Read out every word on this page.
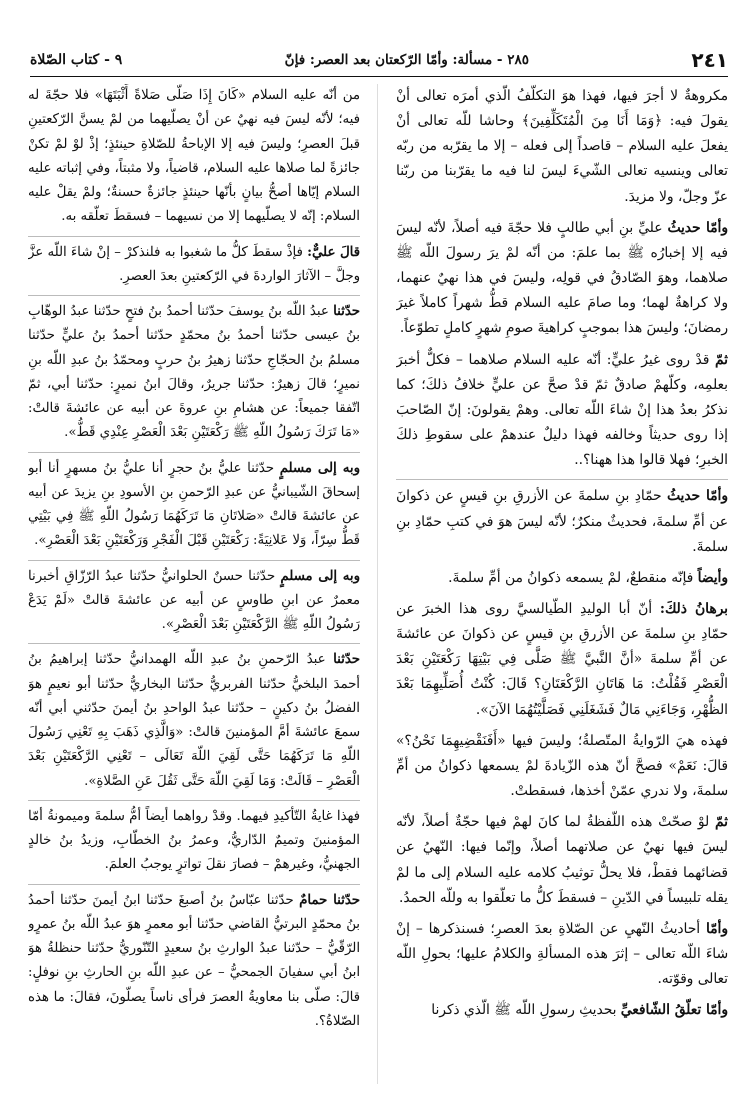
٢٤١
٢٨٥ - مسألة: وأمّا الرّكعتان بعد العصر: فإنّ
٩ - كتاب الصّلاة

مكروهةٌ لا أجرَ فيها، فهذا هوَ التكلّفُ الّذي أمرَه تعالى أنْ يقولَ فيه: ﴿وَمَا أَنَا مِنَ الْمُتَكَلِّفِينَ﴾ وحاشا للّه تعالى أنْ يفعلَ عليه السلام – قاصداً إلى فعله – إلا ما يقرّبه من ربّه تعالى وينسيه تعالى الشّيءَ ليسَ لنا فيه ما يقرّبنا من ربّنا عزّ وجلّ، ولا مزيدَ.

وأمّا حديثُ عليِّ بنِ أبي طالبٍ فلا حجّةَ فيه أصلاً، لأنّه ليسَ فيه إلا إخبارُه ﷺ بما علمَ: من أنّه لمْ يرَ رسولَ اللّه ﷺ صلاهما، وهوَ الصّادقُ في قولِه، وليسَ في هذا نهيٌ عنهما، ولا كراهةٌ لهما؛ وما صامَ عليه السلام قطُّ شهراً كاملاً غيرَ رمضانَ؛ وليسَ هذا بموجبٍ كراهيةَ صومِ شهرٍ كاملٍ تطوّعاً.

ثمّ قدْ روى غيرُ عليٍّ: أنّه عليه السلام صلاهما – فكلٌّ أخبرَ بعلمِه، وكلّهمْ صادقٌ ثمّ قدْ صحَّ عن عليٍّ خلافُ ذلكَ؛ كما نذكرُ بعدُ هذا إنْ شاءَ اللّه تعالى. وهمْ يقولونَ: إنّ الصّاحبَ إذا روى حديثاً وخالفه فهذا دليلٌ عندهمْ على سقوطِ ذلكَ الخبرِ؛ فهلا قالوا هذا ههنا؟..

وأمّا حديثُ حمّادِ بنِ سلمةَ عن الأزرقِ بنِ قيسٍ عن ذكوانَ عن أمِّ سلمةَ، فحديثٌ منكرٌ؛ لأنّه ليسَ هوَ في كتبِ حمّادِ بنِ سلمةَ.

وأيضاً فإنّه منقطعٌ، لمْ يسمعه ذكوانُ من أمِّ سلمةَ.

برهانُ ذلكَ: أنّ أبا الوليدِ الطّيالسيَّ روى هذا الخبرَ عن حمّادِ بنِ سلمةَ عن الأزرقِ بنِ قيسٍ عن ذكوانَ عن عائشةَ عن أمِّ سلمةَ «أنَّ النَّبيَّ ﷺ صَلَّى فِي بَيْتِهَا رَكْعَتَيْنِ بَعْدَ الْعَصْرِ فَقُلْتُ: مَا هَاتَانِ الرَّكْعَتَانِ؟ قَالَ: كُنْتُ أُصَلِّيهِمَا بَعْدَ الظُّهْرِ، وَجَاءَنِي مَالٌ فَشَغَلَنِي فَصَلَّيْتُهُمَا الآنَ».

فهذه هيَ الرّوايةُ المتّصلةُ؛ وليسَ فيها «أَفَنَقْضِيهِمَا نَحْنُ؟» قالَ: نَعَمْ» فصحَّ أنّ هذه الزّيادةَ لمْ يسمعها ذكوانُ من أمِّ سلمةَ، ولا ندري عمّنْ أخذها، فسقطتْ.

ثمّ لوْ صحّتْ هذه اللّفظةُ لما كانَ لهمْ فيها حجّةٌ أصلاً، لأنّه ليسَ فيها نهيٌ عن صلاتهما أصلاً، وإنّما فيها: النّهيُ عن قضائهما فقطْ، فلا يحلُّ توثيبُ كلامه عليه السلام إلى ما لمْ يقله تلبيساً في الدّينِ – فسقطَ كلُّ ما تعلّقوا به وللّه الحمدُ.

وأمّا أحاديثُ النّهيِ عن الصّلاةِ بعدَ العصرِ؛ فسنذكرها – إنْ شاءَ اللّه تعالى – إثرَ هذه المسألةِ والكلامُ عليها؛ بحولِ اللّه تعالى وقوّته.

وأمّا تعلّقُ الشّافعيِّ بحديثِ رسولِ اللّه ﷺ الّذي ذكرنا

من أنّه عليه السلام «كَانَ إِذَا صَلَّى صَلاةً أَثْبَتَهَا» فلا حجّةَ له فيه؛ لأنّه ليسَ فيه نهيٌ عن أنْ يصلّيهما من لمْ يسنَّ الرّكعتينِ قبلَ العصرِ؛ وليسَ فيه إلا الإباحةُ للصّلاةِ حينئذٍ؛ إذْ لوْ لمْ تكنْ جائزةً لما صلاها عليه السلام، قاضياً، ولا مثبتاً، وفي إثباته عليه السلام إيّاها أصحُّ بيانٍ بأنّها حينئذٍ جائزةٌ حسنةٌ؛ ولمْ يقلْ عليه السلام: إنّه لا يصلّيهما إلا من نسيهما – فسقطَ تعلّقه به.

قالَ عليٌّ: فإذْ سقطَ كلُّ ما شغبوا به فلنذكرْ – إنْ شاءَ اللّه عزَّ وجلَّ – الآثارَ الواردةَ في الرّكعتينِ بعدَ العصرِ.

حدّثنا عبدُ اللّه بنُ يوسفَ حدّثنا أحمدُ بنُ فتحٍ حدّثنا عبدُ الوهّابِ بنُ عيسى حدّثنا أحمدُ بنُ محمّدٍ حدّثنا أحمدُ بنُ عليٍّ حدّثنا مسلمُ بنُ الحجّاجِ حدّثنا زهيرُ بنُ حربٍ ومحمّدُ بنُ عبدِ اللّه بنِ نميرٍ؛ قالَ زهيرٌ: حدّثنا جريرٌ، وقالَ ابنُ نميرٍ: حدّثنا أبي، ثمّ اتّفقا جميعاً: عن هشامِ بنِ عروةَ عن أبيه عن عائشةَ قالتْ: «مَا تَرَكَ رَسُولُ اللّهِ ﷺ رَكْعَتَيْنِ بَعْدَ الْعَصْرِ عِنْدِي قَطُّ».

وبه إلى مسلمٍ حدّثنا عليُّ بنُ حجرٍ أنا عليُّ بنُ مسهرٍ أنا أبو إسحاقَ الشّيبانيُّ عن عبدِ الرّحمنِ بنِ الأسودِ بنِ يزيدَ عن أبيه عن عائشةَ قالتْ «صَلاتَانِ مَا تَرَكَهُمَا رَسُولُ اللّهِ ﷺ فِي بَيْتِي قَطُّ سِرّاً، وَلا عَلانِيَةً: رَكْعَتَيْنِ قَبْلَ الْفَجْرِ وَرَكْعَتَيْنِ بَعْدَ الْعَصْرِ».

وبه إلى مسلمٍ حدّثنا حسنٌ الحلوانيُّ حدّثنا عبدُ الرّزّاقِ أخبرنا معمرٌ عن ابنِ طاوسٍ عن أبيه عن عائشةَ قالتْ «لَمْ يَدَعْ رَسُولُ اللّهِ ﷺ الرَّكْعَتَيْنِ بَعْدَ الْعَصْرِ».

حدّثنا عبدُ الرّحمنِ بنُ عبدِ اللّه الهمدانيُّ حدّثنا إبراهيمُ بنُ أحمدَ البلخيُّ حدّثنا الفربريُّ حدّثنا البخاريُّ حدّثنا أبو نعيمٍ هوَ الفضلُ بنُ دكينٍ – حدّثنا عبدُ الواحدِ بنُ أيمنَ حدّثني أبي أنّه سمعَ عائشةَ أمَّ المؤمنينَ قالتْ: «وَالَّذِي ذَهَبَ بِهِ تَعْنِي رَسُولَ اللّهِ مَا تَرَكَهُمَا حَتَّى لَقِيَ اللّهَ تَعَالَى – تَعْنِي الرَّكْعَتَيْنِ بَعْدَ الْعَصْرِ – قَالَتْ: وَمَا لَقِيَ اللّهَ حَتَّى ثَقُلَ عَنِ الصَّلاةِ».

فهذا غايةُ التّأكيدِ فيهما. وقدْ رواهما أيضاً أمُّ سلمةَ وميمونةُ أمّا المؤمنينَ وتميمٌ الدّاريُّ، وعمرُ بنُ الخطّابِ، وزيدُ بنُ خالدٍ الجهنيُّ، وغيرهمْ – فصارَ نقلَ تواترٍ يوجبُ العلمَ.

حدّثنا حمامٌ حدّثنا عبّاسُ بنُ أصبغَ حدّثنا ابنُ أيمنَ حدّثنا أحمدُ بنُ محمّدٍ البرتيُّ القاضي حدّثنا أبو معمرٍ هوَ عبدُ اللّه بنُ عمرٍو الرّقّيُّ – حدّثنا عبدُ الوارثِ بنُ سعيدٍ التّنّوريُّ حدّثنا حنظلةُ هوَ ابنُ أبي سفيانَ الجمحيُّ – عن عبدِ اللّه بنِ الحارثِ بنِ نوفلٍ: قالَ: صلّى بنا معاويةُ العصرَ فرأى ناساً يصلّونَ، فقالَ: ما هذه الصّلاةُ؟.
